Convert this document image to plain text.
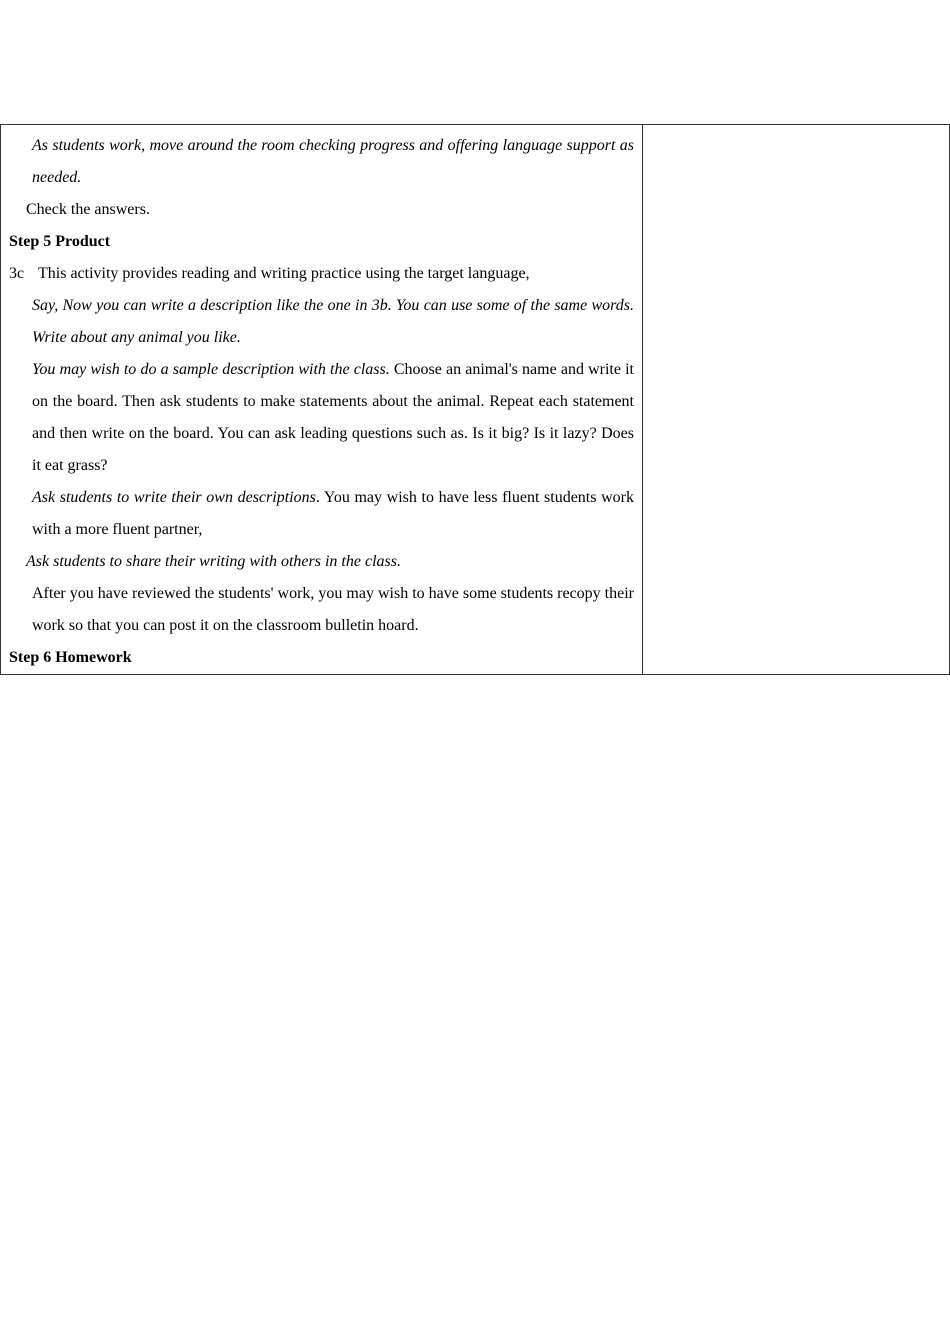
As students work, move around the room checking progress and offering language support as needed.

Check the answers.

Step 5 Product

3c This activity provides reading and writing practice using the target language,

Say, Now you can write a description like the one in 3b. You can use some of the same words. Write about any animal you like.

You may wish to do a sample description with the class. Choose an animal's name and write it on the board. Then ask students to make statements about the animal. Repeat each statement and then write on the board. You can ask leading questions such as. Is it big? Is it lazy? Does it eat grass?

Ask students to write their own descriptions. You may wish to have less fluent students work with a more fluent partner,

Ask students to share their writing with others in the class.

After you have reviewed the students' work, you may wish to have some students recopy their work so that you can post it on the classroom bulletin hoard.

Step 6 Homework
